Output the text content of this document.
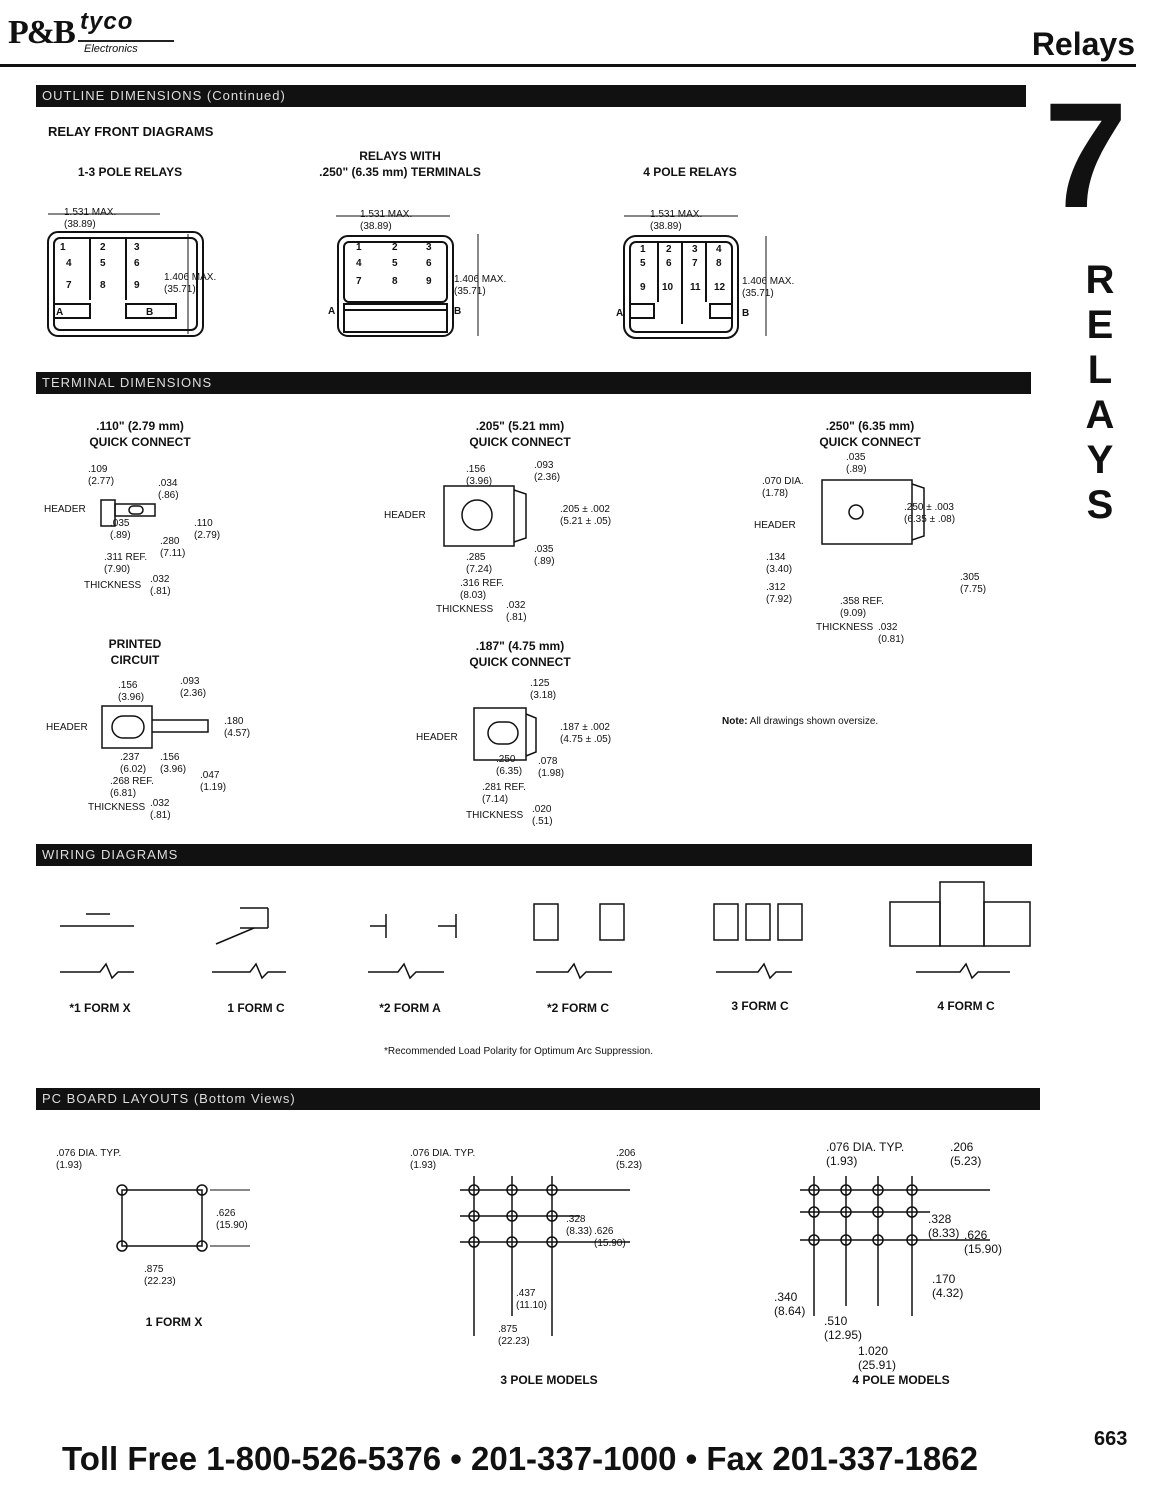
P&B tyco
Electronics	Relays
7
R
E
L
A
Y
S
OUTLINE DIMENSIONS (Continued)
TERMINAL DIMENSIONS
WIRING DIAGRAMS
PC BOARD LAYOUTS (Bottom Views)
RELAY FRONT DIAGRAMS
1-3 POLE RELAYS
RELAYS WITH
.250" (6.35 mm) TERMINALS	4 POLE RELAYS
1.531 MAX.
(38.89)
1.406 MAX.
(35.71)
1	2	3
4	5	6
7	8	9
A	B
1.531 MAX.
(38.89)
1.406 MAX.
(35.71)
1	2	3
4	5	6
7	8	9
A	B
1.531 MAX.
(38.89)
1.406 MAX.
(35.71)
1 2 3 4
5 6 7 8
9 10 11 12
A	B
.110" (2.79 mm)
QUICK CONNECT
.109
(2.77)	.034
(.86)
HEADER
.035
(.89)
.110
(2.79)
.280
(7.11)
.311 REF.
(7.90)
THICKNESS
.032
(.81)
.205" (5.21 mm)
QUICK CONNECT
.156
(3.96)
.093
(2.36)
HEADER
.205 ± .002
(5.21 ± .05)
.035
(.89)
.285
(7.24)
.316 REF.
(8.03)
THICKNESS .032
(.81)
.250" (6.35 mm)
QUICK CONNECT
.035
(.89)
.070 DIA.
(1.78)
.250 ± .003
(6.35 ± .08)
HEADER
.134
(3.40)
.312
(7.92)	.358 REF.
(9.09)
.305
(7.75)
THICKNESS .032
(0.81)
PRINTED
CIRCUIT
.156
(3.96)
.093
(2.36)
HEADER
.180
(4.57)
.237
(6.02)
.156
(3.96)
.047
(1.19)
.268 REF.
(6.81)
THICKNESS .032
(.81)
.187" (4.75 mm)
QUICK CONNECT
.125
(3.18)
HEADER
.187 ± .002
(4.75 ± .05)
.250
(6.35)
.078
(1.98)
.281 REF.
(7.14)
THICKNESS
.020
(.51)
Note: All drawings shown oversize.
*1 FORM X	1 FORM C	*2 FORM A	*2 FORM C	3 FORM C	4 FORM C
*Recommended Load Polarity for Optimum Arc Suppression.
.076 DIA. TYP.
(1.93)
.626
(15.90)
.875
(22.23)
1 FORM X
.076 DIA. TYP.
(1.93)
.206
(5.23)
.328
(8.33) .626
(15.90)
.437
(11.10)
.875
(22.23)
3 POLE MODELS
.076 DIA. TYP.
(1.93)
.206
(5.23)
.328
(8.33) .626
(15.90)
.170
(4.32)
.340
(8.64)
.510
(12.95)
1.020
(25.91)
4 POLE MODELS
663
Toll Free 1-800-526-5376 • 201-337-1000 • Fax 201-337-1862
